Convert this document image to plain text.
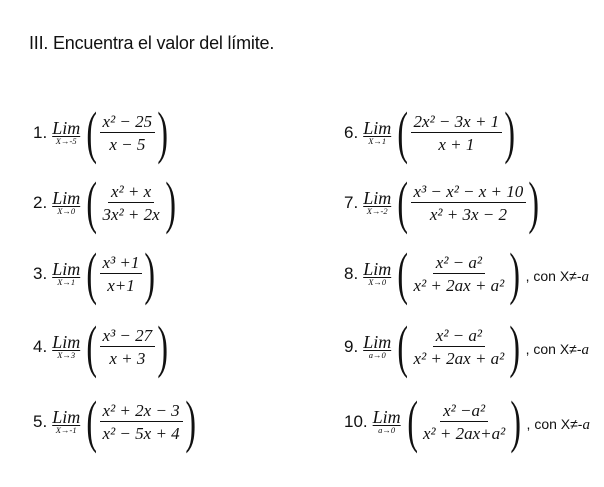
III. Encuentra el valor del límite.
1. Lim
X→-5 ( $\frac{\text{x² − 25}}{x - 5}$ )
2. Lim
X→0 ( $\frac{\text{x² + x}}{\text{3x² + 2x}}$ )
3. Lim
X→1 ( $\frac{\text{x³ +1}}{x+1}$ )
4. Lim
X→3 ( $\frac{\text{x³ − 27}}{x + 3}$ )
5. Lim
X→-1 ( $\frac{\text{x² + 2x − 3}}{\text{x² − 5x + 4}}$ )
6. Lim
X→1 ( $\frac{\text{2x² − 3x + 1}}{x + 1}$ )
7. Lim
X→-2 ( $\frac{\text{x³ − x² − x + 10}}{\text{x² + 3x − 2}}$ )
8. Lim
X→0 ( $\frac{\text{x² − a²}}{\text{x² + 2ax + a²}}$ ) , con X≠-a
9. Lim
a→0 ( $\frac{\text{x² − a²}}{\text{x² + 2ax + a²}}$ ) , con X≠-a
10. Lim
a→0 ( $\frac{\text{x² −a²}}{\text{x² + 2ax+a²}}$ ) , con X≠-a
